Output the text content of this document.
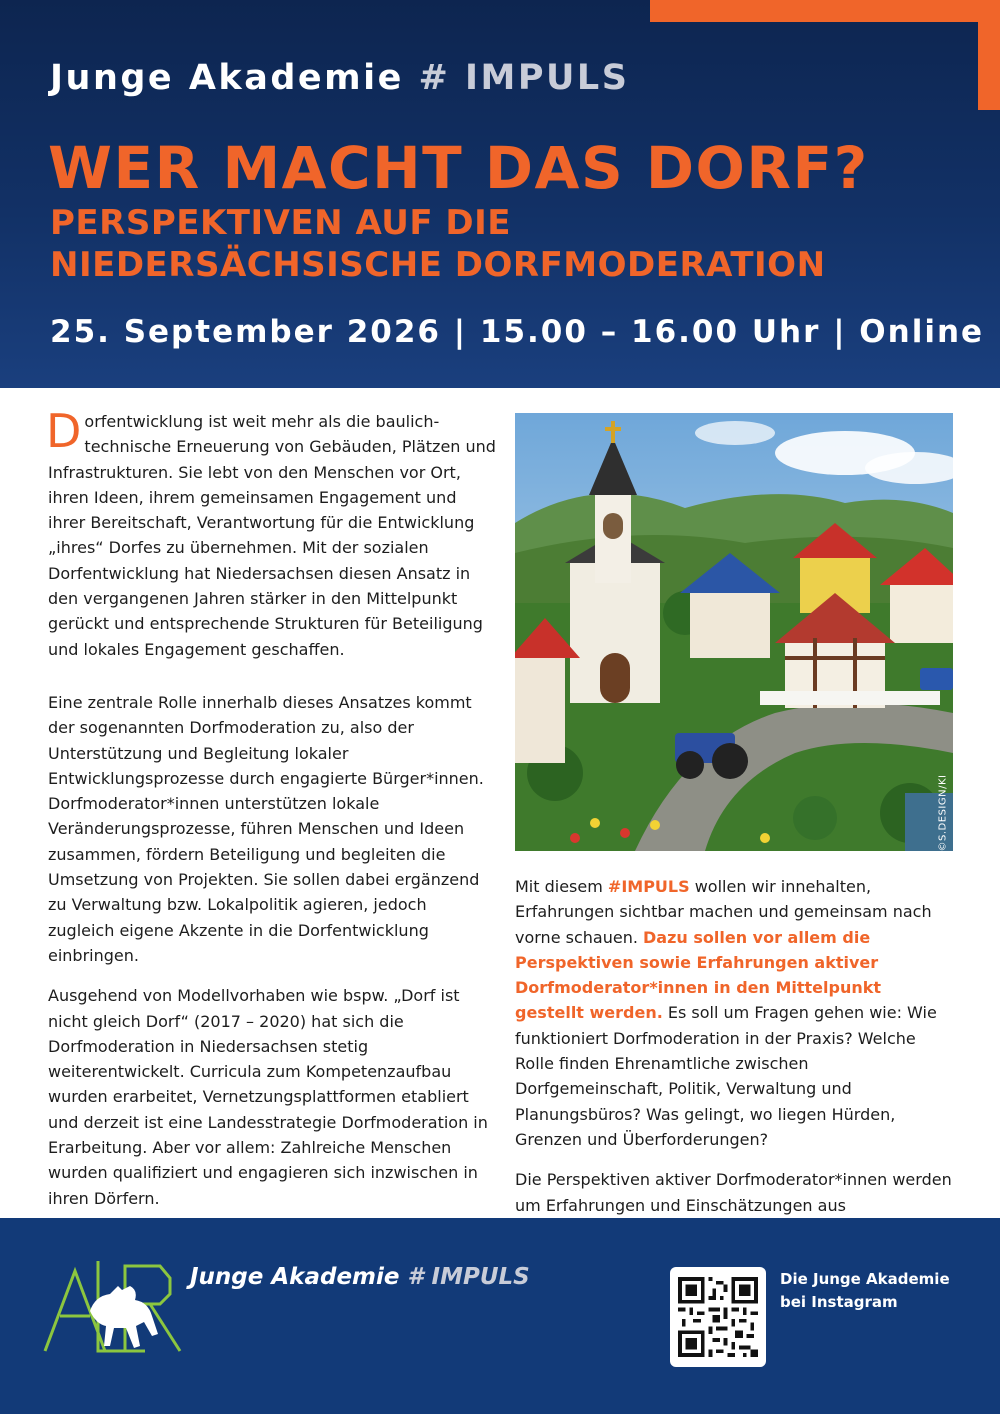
Junge Akademie # IMPULS
WER MACHT DAS DORF?
PERSPEKTIVEN AUF DIE
NIEDERSÄCHSISCHE DORFMODERATION
25. September 2026 | 15.00 – 16.00 Uhr | Online

Dorfentwicklung ist weit mehr als die baulich-technische Erneuerung von Gebäuden, Plätzen und Infrastrukturen. Sie lebt von den Menschen vor Ort, ihren Ideen, ihrem gemeinsamen Engagement und ihrer Bereitschaft, Verantwortung für die Entwicklung „ihres“ Dorfes zu übernehmen. Mit der sozialen Dorfentwicklung hat Niedersachsen diesen Ansatz in den vergangenen Jahren stärker in den Mittelpunkt gerückt und entsprechende Strukturen für Beteiligung und lokales Engagement geschaffen.

Eine zentrale Rolle innerhalb dieses Ansatzes kommt der sogenannten Dorfmoderation zu, also der Unterstützung und Begleitung lokaler Entwicklungsprozesse durch engagierte Bürger*innen. Dorfmoderator*innen unterstützen lokale Veränderungsprozesse, führen Menschen und Ideen zusammen, fördern Beteiligung und begleiten die Umsetzung von Projekten. Sie sollen dabei ergänzend zu Verwaltung bzw. Lokalpolitik agieren, jedoch zugleich eigene Akzente in die Dorfentwicklung einbringen.

Ausgehend von Modellvorhaben wie bspw. „Dorf ist nicht gleich Dorf“ (2017 – 2020) hat sich die Dorfmoderation in Niedersachsen stetig weiterentwickelt. Curricula zum Kompetenzaufbau wurden erarbeitet, Vernetzungsplattformen etabliert und derzeit ist eine Landesstrategie Dorfmoderation in Erarbeitung. Aber vor allem: Zahlreiche Menschen wurden qualifiziert und engagieren sich inzwischen in ihren Dörfern.

©S.DESIGN/KI

Mit diesem #IMPULS wollen wir innehalten, Erfahrungen sichtbar machen und gemeinsam nach vorne schauen. Dazu sollen vor allem die Perspektiven sowie Erfahrungen aktiver Dorfmoderator*innen in den Mittelpunkt gestellt werden. Es soll um Fragen gehen wie: Wie funktioniert Dorfmoderation in der Praxis? Welche Rolle finden Ehrenamtliche zwischen Dorfgemeinschaft, Politik, Verwaltung und Planungsbüros? Was gelingt, wo liegen Hürden, Grenzen und Überforderungen?

Die Perspektiven aktiver Dorfmoderator*innen werden um Erfahrungen und Einschätzungen aus

Junge Akademie # IMPULS	Die Junge Akademie
bei Instagram
